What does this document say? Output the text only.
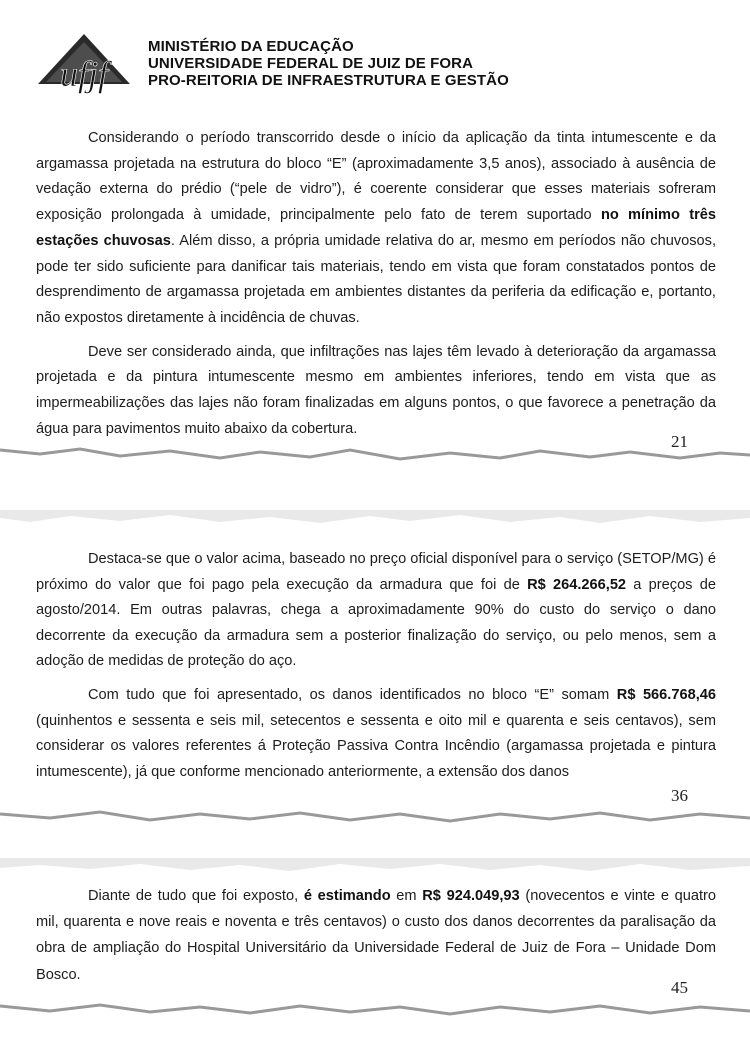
ufjf
MINISTÉRIO DA EDUCAÇÃO
UNIVERSIDADE FEDERAL DE JUIZ DE FORA
PRO-REITORIA DE INFRAESTRUTURA E GESTÃO

Considerando o período transcorrido desde o início da aplicação da tinta intumescente e da argamassa projetada na estrutura do bloco “E” (aproximadamente 3,5 anos), associado à ausência de vedação externa do prédio (“pele de vidro”), é coerente considerar que esses materiais sofreram exposição prolongada à umidade, principalmente pelo fato de terem suportado no mínimo três estações chuvosas. Além disso, a própria umidade relativa do ar, mesmo em períodos não chuvosos, pode ter sido suficiente para danificar tais materiais, tendo em vista que foram constatados pontos de desprendimento de argamassa projetada em ambientes distantes da periferia da edificação e, portanto, não expostos diretamente à incidência de chuvas.

Deve ser considerado ainda, que infiltrações nas lajes têm levado à deterioração da argamassa projetada e da pintura intumescente mesmo em ambientes inferiores, tendo em vista que as impermeabilizações das lajes não foram finalizadas em alguns pontos, o que favorece a penetração da água para pavimentos muito abaixo da cobertura.

21

Destaca-se que o valor acima, baseado no preço oficial disponível para o serviço (SETOP/MG) é próximo do valor que foi pago pela execução da armadura que foi de R$ 264.266,52 a preços de agosto/2014. Em outras palavras, chega a aproximadamente 90% do custo do serviço o dano decorrente da execução da armadura sem a posterior finalização do serviço, ou pelo menos, sem a adoção de medidas de proteção do aço.

Com tudo que foi apresentado, os danos identificados no bloco “E” somam R$ 566.768,46 (quinhentos e sessenta e seis mil, setecentos e sessenta e oito mil e quarenta e seis centavos), sem considerar os valores referentes á Proteção Passiva Contra Incêndio (argamassa projetada e pintura intumescente), já que conforme mencionado anteriormente, a extensão dos danos

36

Diante de tudo que foi exposto, é estimando em R$ 924.049,93 (novecentos e vinte e quatro mil, quarenta e nove reais e noventa e três centavos) o custo dos danos decorrentes da paralisação da obra de ampliação do Hospital Universitário da Universidade Federal de Juiz de Fora – Unidade Dom Bosco.

45
